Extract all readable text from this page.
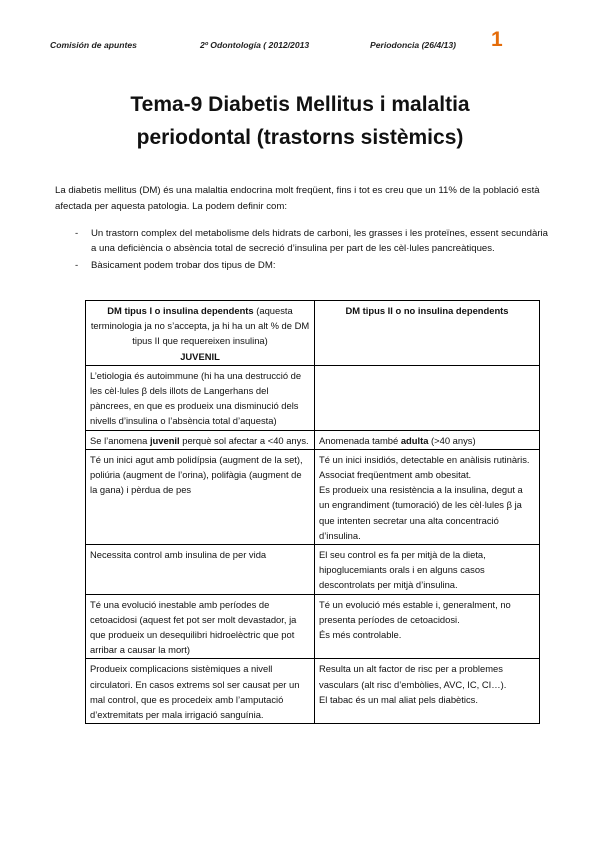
Comisión de apuntes	2º Odontología ( 2012/2013	Periodoncia (26/4/13) 1
Tema-9 Diabetis Mellitus i malaltia
periodontal (trastorns sistèmics)
La diabetis mellitus (DM) és una malaltia endocrina molt freqüent, fins i tot es creu que un 11% de la població està afectada per aquesta patologia. La podem definir com:
- Un trastorn complex del metabolisme dels hidrats de carboni, les grasses i les proteïnes, essent secundària a una deficiència o absència total de secreció d’insulina per part de les cèl·lules pancreàtiques.
- Bàsicament podem trobar dos tipus de DM:
DM tipus I o insulina dependents (aquesta terminologia ja no s’accepta, ja hi ha un alt % de DM tipus II que requereixen insulina)
JUVENIL	DM tipus II o no insulina dependents
L’etiologia és autoimmune (hi ha una destrucció de les cèl·lules β dels illots de Langerhans del pàncrees, en que es produeix una disminució dels nivells d’insulina o l’absència total d’aquesta)	
Se l’anomena juvenil perquè sol afectar a <40 anys.	Anomenada també adulta (>40 anys)
Té un inici agut amb polidípsia (augment de la set), poliúria (augment de l’orina), polifàgia (augment de la gana) i pèrdua de pes	Té un inici insidiós, detectable en anàlisis rutinàris.
Associat freqüentment amb obesitat.
Es produeix una resistència a la insulina, degut a un engrandiment (tumoració) de les cèl·lules β ja que intenten secretar una alta concentració d’insulina.

Necessita control amb insulina de per vida	El seu control es fa per mitjà de la dieta, hipoglucemiants orals i en alguns casos descontrolats per mitjà d’insulina.
Té una evolució inestable amb períodes de cetoacidosi (aquest fet pot ser molt devastador, ja que produeix un desequilibri hidroelèctric que pot arribar a causar la mort)	Té un evolució més estable i, generalment, no presenta períodes de cetoacidosi.
És més controlable.

Produeix complicacions sistèmiques a nivell circulatori. En casos extrems sol ser causat per un mal control, que es procedeix amb l’amputació d’extremitats per mala irrigació sanguínia.	Resulta un alt factor de risc per a problemes vasculars (alt risc d’embòlies, AVC, IC, CI…).
El tabac és un mal aliat pels diabètics.
